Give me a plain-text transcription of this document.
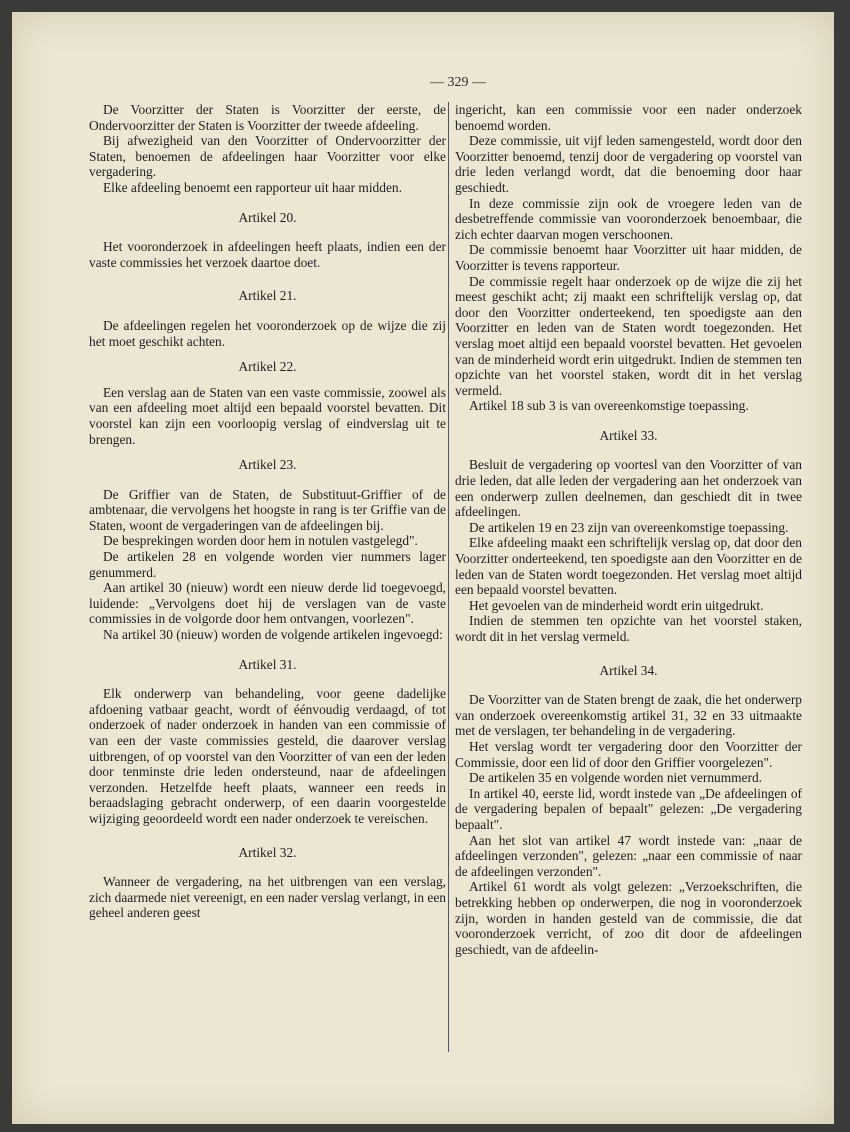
— 329 —

De Voorzitter der Staten is Voorzitter der eerste, de Ondervoorzitter der Staten is Voorzitter der tweede afdeeling.

Bij afwezigheid van den Voorzitter of Ondervoorzitter der Staten, benoemen de afdeelingen haar Voorzitter voor elke vergadering.

Elke afdeeling benoemt een rapporteur uit haar midden.

Artikel 20.

Het vooronderzoek in afdeelingen heeft plaats, indien een der vaste commissies het verzoek daartoe doet.

Artikel 21.

De afdeelingen regelen het vooronderzoek op de wijze die zij het moet geschikt achten.

Artikel 22.

Een verslag aan de Staten van een vaste commissie, zoowel als van een afdeeling moet altijd een bepaald voorstel bevatten. Dit voorstel kan zijn een voorloopig verslag of eindverslag uit te brengen.

Artikel 23.

De Griffier van de Staten, de Substituut-Griffier of de ambtenaar, die vervolgens het hoogste in rang is ter Griffie van de Staten, woont de vergaderingen van de afdeelingen bij.

De besprekingen worden door hem in notulen vastgelegd".

De artikelen 28 en volgende worden vier nummers lager genummerd.

Aan artikel 30 (nieuw) wordt een nieuw derde lid toegevoegd, luidende: „Vervolgens doet hij de verslagen van de vaste commissies in de volgorde door hem ontvangen, voorlezen".

Na artikel 30 (nieuw) worden de volgende artikelen ingevoegd:

Artikel 31.

Elk onderwerp van behandeling, voor geene dadelijke afdoening vatbaar geacht, wordt of éénvoudig verdaagd, of tot onderzoek of nader onderzoek in handen van een commissie of van een der vaste commissies gesteld, die daarover verslag uitbrengen, of op voorstel van den Voorzitter of van een der leden door tenminste drie leden ondersteund, naar de afdeelingen verzonden. Hetzelfde heeft plaats, wanneer een reeds in beraadslaging gebracht onderwerp, of een daarin voorgestelde wijziging geoordeeld wordt een nader onderzoek te vereischen.

Artikel 32.

Wanneer de vergadering, na het uitbrengen van een verslag, zich daarmede niet vereenigt, en een nader verslag verlangt, in een geheel anderen geest

ingericht, kan een commissie voor een nader onderzoek benoemd worden.

Deze commissie, uit vijf leden samengesteld, wordt door den Voorzitter benoemd, tenzij door de vergadering op voorstel van drie leden verlangd wordt, dat die benoeming door haar geschiedt.

In deze commissie zijn ook de vroegere leden van de desbetreffende commissie van vooronderzoek benoembaar, die zich echter daarvan mogen verschoonen.

De commissie benoemt haar Voorzitter uit haar midden, de Voorzitter is tevens rapporteur.

De commissie regelt haar onderzoek op de wijze die zij het meest geschikt acht; zij maakt een schriftelijk verslag op, dat door den Voorzitter onderteekend, ten spoedigste aan den Voorzitter en leden van de Staten wordt toegezonden. Het verslag moet altijd een bepaald voorstel bevatten. Het gevoelen van de minderheid wordt erin uitgedrukt. Indien de stemmen ten opzichte van het voorstel staken, wordt dit in het verslag vermeld.

Artikel 18 sub 3 is van overeenkomstige toepassing.

Artikel 33.

Besluit de vergadering op voortesl van den Voorzitter of van drie leden, dat alle leden der vergadering aan het onderzoek van een onderwerp zullen deelnemen, dan geschiedt dit in twee afdeelingen.

De artikelen 19 en 23 zijn van overeenkomstige toepassing.

Elke afdeeling maakt een schriftelijk verslag op, dat door den Voorzitter onderteekend, ten spoedigste aan den Voorzitter en de leden van de Staten wordt toegezonden. Het verslag moet altijd een bepaald voorstel bevatten.

Het gevoelen van de minderheid wordt erin uitgedrukt.

Indien de stemmen ten opzichte van het voorstel staken, wordt dit in het verslag vermeld.

Artikel 34.

De Voorzitter van de Staten brengt de zaak, die het onderwerp van onderzoek overeenkomstig artikel 31, 32 en 33 uitmaakte met de verslagen, ter behandeling in de vergadering.

Het verslag wordt ter vergadering door den Voorzitter der Commissie, door een lid of door den Griffier voorgelezen".

De artikelen 35 en volgende worden niet vernummerd.

In artikel 40, eerste lid, wordt instede van „De afdeelingen of de vergadering bepalen of bepaalt" gelezen: „De vergadering bepaalt".

Aan het slot van artikel 47 wordt instede van: „naar de afdeelingen verzonden", gelezen: „naar een commissie of naar de afdeelingen verzonden".

Artikel 61 wordt als volgt gelezen: „Verzoekschriften, die betrekking hebben op onderwerpen, die nog in vooronderzoek zijn, worden in handen gesteld van de commissie, die dat vooronderzoek verricht, of zoo dit door de afdeelingen geschiedt, van de afdeelin-
